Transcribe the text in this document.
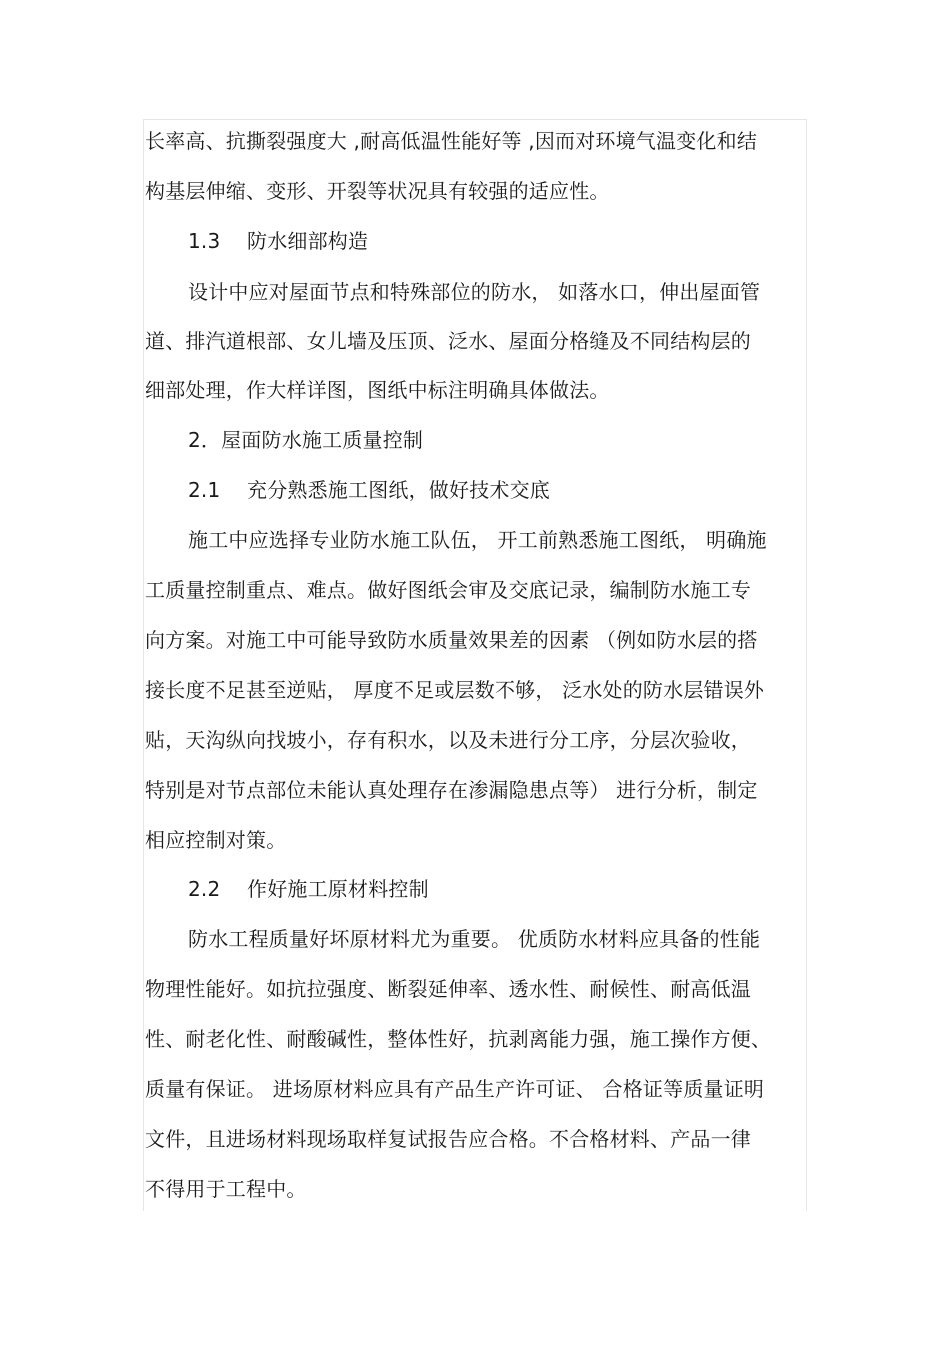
长率高、抗撕裂强度大 ,耐高低温性能好等 ,因而对环境气温变化和结
构基层伸缩、变形、开裂等状况具有较强的适应性。
1.3 防水细部构造
设计中应对屋面节点和特殊部位的防水， 如落水口，伸出屋面管
道、排汽道根部、女儿墙及压顶、泛水、屋面分格缝及不同结构层的
细部处理，作大样详图，图纸中标注明确具体做法。
2．屋面防水施工质量控制
2.1 充分熟悉施工图纸，做好技术交底
施工中应选择专业防水施工队伍， 开工前熟悉施工图纸， 明确施
工质量控制重点、难点。做好图纸会审及交底记录，编制防水施工专
向方案。对施工中可能导致防水质量效果差的因素 （例如防水层的搭
接长度不足甚至逆贴， 厚度不足或层数不够， 泛水处的防水层错误外
贴，天沟纵向找坡小，存有积水，以及未进行分工序，分层次验收，
特别是对节点部位未能认真处理存在渗漏隐患点等） 进行分析，制定
相应控制对策。
2.2 作好施工原材料控制
防水工程质量好坏原材料尤为重要。 优质防水材料应具备的性能
物理性能好。如抗拉强度、断裂延伸率、透水性、耐候性、耐高低温
性、耐老化性、耐酸碱性，整体性好，抗剥离能力强，施工操作方便、
质量有保证。 进场原材料应具有产品生产许可证、 合格证等质量证明
文件，且进场材料现场取样复试报告应合格。不合格材料、产品一律
不得用于工程中。
